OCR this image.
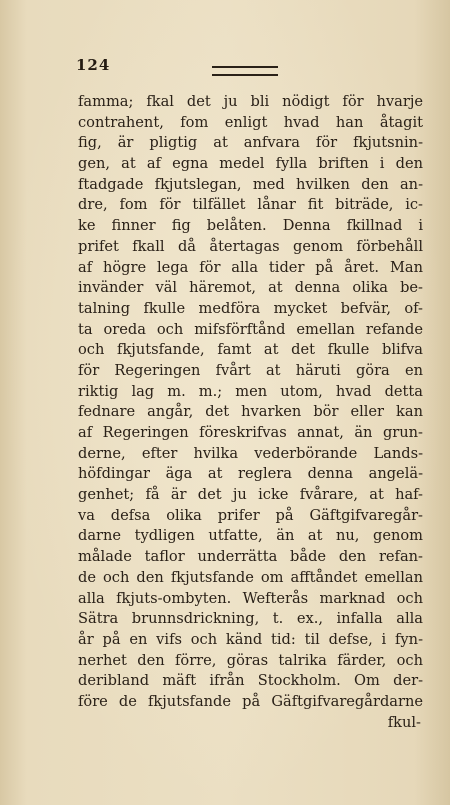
124
famma; fkal det ju bli nödigt för hvarje
contrahent, fom enligt hvad han åtagit
fig, är pligtig at anfvara för fkjutsnin-
gen, at af egna medel fylla briften i den
ftadgade fkjutslegan, med hvilken den an-
dre, fom för tilfället lånar fit biträde, ic-
ke finner fig belåten. Denna fkillnad i
prifet fkall då återtagas genom förbehåll
af högre lega för alla tider på året. Man
invänder väl häremot, at denna olika be-
talning fkulle medföra mycket befvär, of-
ta oreda och mifsförftånd emellan refande
och fkjutsfande, famt at det fkulle blifva
för Regeringen fvårt at häruti göra en
riktig lag m. m.; men utom, hvad detta
fednare angår, det hvarken bör eller kan
af Regeringen föreskrifvas annat, än grun-
derne, efter hvilka vederbörande Lands-
höfdingar äga at reglera denna angelä-
genhet; få är det ju icke fvårare, at haf-
va defsa olika prifer på Gäftgifvaregår-
darne tydligen utfatte, än at nu, genom
målade taflor underrätta både den refan-
de och den fkjutsfande om afftåndet emellan
alla fkjuts-ombyten. Wefterås marknad och
Sätra brunnsdrickning, t. ex., infalla alla
år på en vifs och känd tid: til defse, i fyn-
nerhet den förre, göras talrika färder, och
deribland mäft ifrån Stockholm. Om der-
före de fkjutsfande på Gäftgifvaregårdarne
fkul-
